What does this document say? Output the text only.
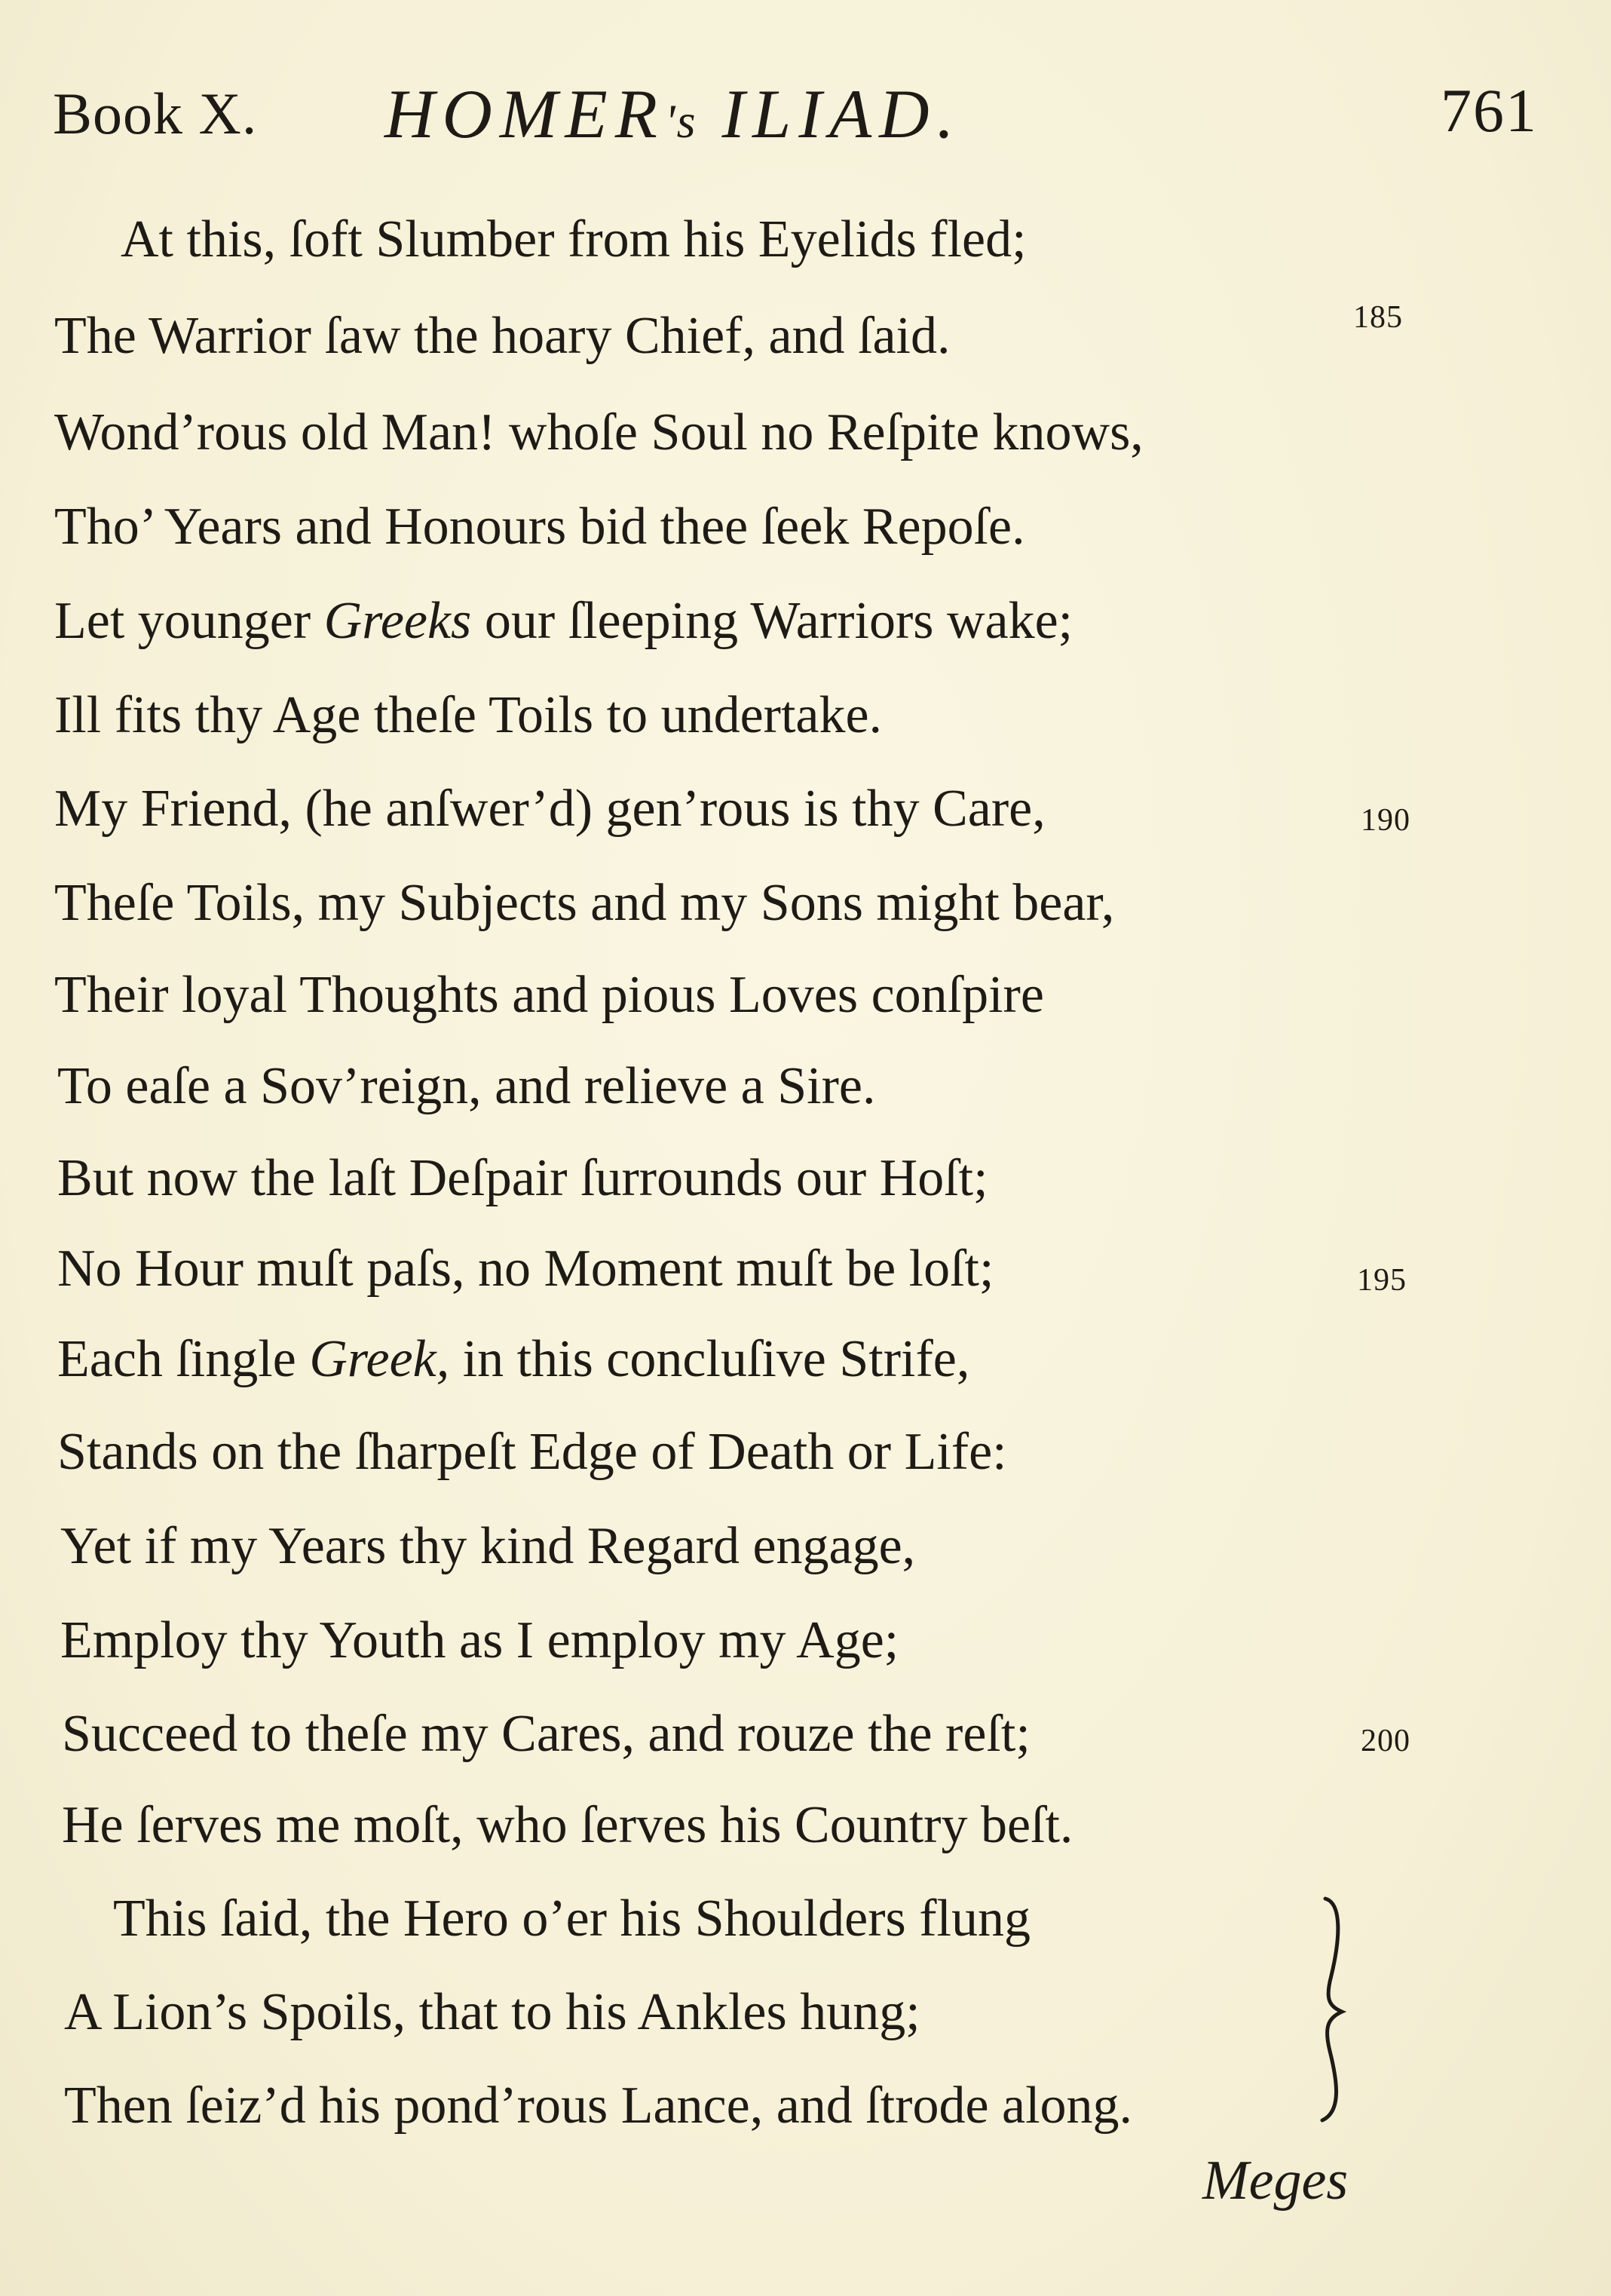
Book X. HOMER's ILIAD.	761
At this, ſoft Slumber from his Eyelids fled;
The Warrior ſaw the hoary Chief, and ſaid.	185
Wond’rous old Man! whoſe Soul no Reſpite knows,
Tho’ Years and Honours bid thee ſeek Repoſe.
Let younger Greeks our ſleeping Warriors wake;
Ill fits thy Age theſe Toils to undertake.
My Friend, (he anſwer’d) gen’rous is thy Care,	190
Theſe Toils, my Subjects and my Sons might bear,
Their loyal Thoughts and pious Loves conſpire
To eaſe a Sov’reign, and relieve a Sire.
But now the laſt Deſpair ſurrounds our Hoſt;
No Hour muſt paſs, no Moment muſt be loſt;	195
Each ſingle Greek, in this concluſive Strife,
Stands on the ſharpeſt Edge of Death or Life:
Yet if my Years thy kind Regard engage,
Employ thy Youth as I employ my Age;
Succeed to theſe my Cares, and rouze the reſt;	200
He ſerves me moſt, who ſerves his Country beſt.
This ſaid, the Hero o’er his Shoulders flung
A Lion’s Spoils, that to his Ankles hung;
Then ſeiz’d his pond’rous Lance, and ſtrode along.
Meges
